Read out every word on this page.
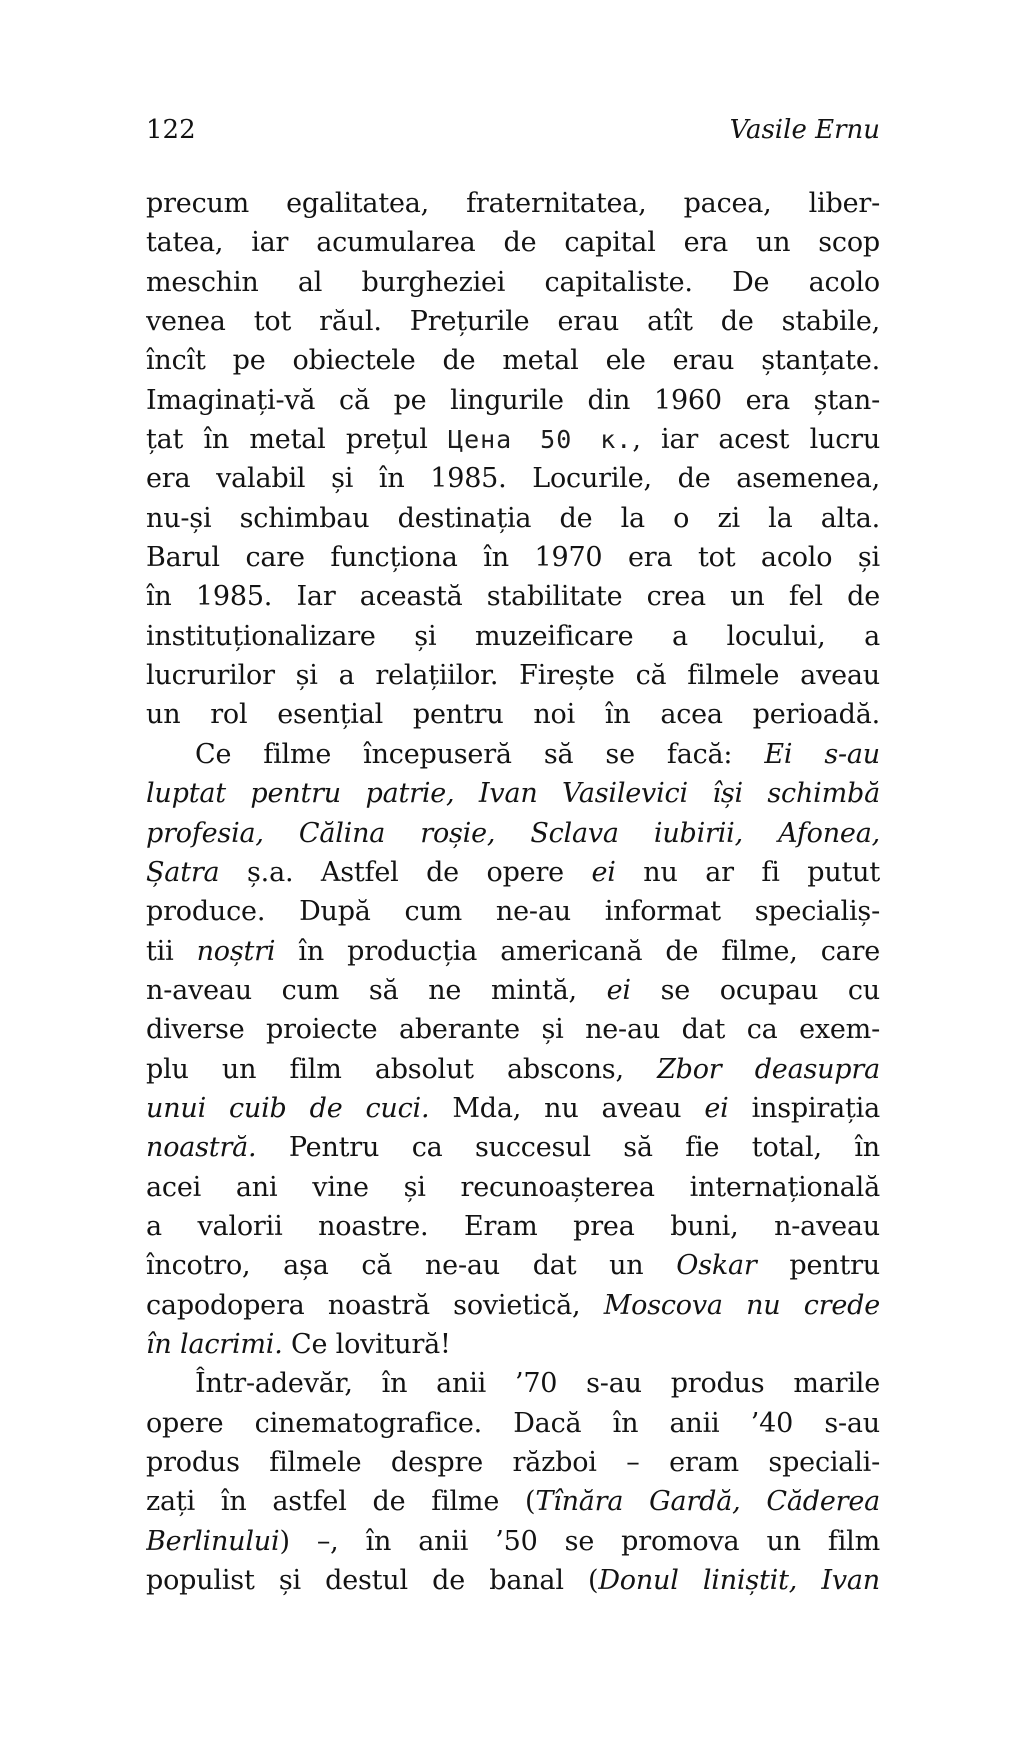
122	Vasile Ernu
precum egalitatea, fraternitatea, pacea, liber-
tatea, iar acumularea de capital era un scop
meschin al burgheziei capitaliste. De acolo
venea tot răul. Prețurile erau atît de stabile,
încît pe obiectele de metal ele erau ștanțate.
Imaginați-vă că pe lingurile din 1960 era ștan-
țat în metal prețul Цена 50 к., iar acest lucru
era valabil și în 1985. Locurile, de asemenea,
nu-și schimbau destinația de la o zi la alta.
Barul care funcționa în 1970 era tot acolo și
în 1985. Iar această stabilitate crea un fel de
instituționalizare și muzeificare a locului, a
lucrurilor și a relațiilor. Firește că filmele aveau
un rol esențial pentru noi în acea perioadă.
Ce filme începuseră să se facă: Ei s-au
luptat pentru patrie, Ivan Vasilevici își schimbă
profesia, Călina roșie, Sclava iubirii, Afonea,
Șatra ș.a. Astfel de opere ei nu ar fi putut
produce. După cum ne-au informat specialiș-
tii noștri în producția americană de filme, care
n-aveau cum să ne mintă, ei se ocupau cu
diverse proiecte aberante și ne-au dat ca exem-
plu un film absolut abscons, Zbor deasupra
unui cuib de cuci. Mda, nu aveau ei inspirația
noastră. Pentru ca succesul să fie total, în
acei ani vine și recunoașterea internațională
a valorii noastre. Eram prea buni, n-aveau
încotro, așa că ne-au dat un Oskar pentru
capodopera noastră sovietică, Moscova nu crede
în lacrimi. Ce lovitură!
Într-adevăr, în anii ’70 s-au produs marile
opere cinematografice. Dacă în anii ’40 s-au
produs filmele despre război – eram speciali-
zați în astfel de filme (Tînăra Gardă, Căderea
Berlinului) –, în anii ’50 se promova un film
populist și destul de banal (Donul liniștit, Ivan
